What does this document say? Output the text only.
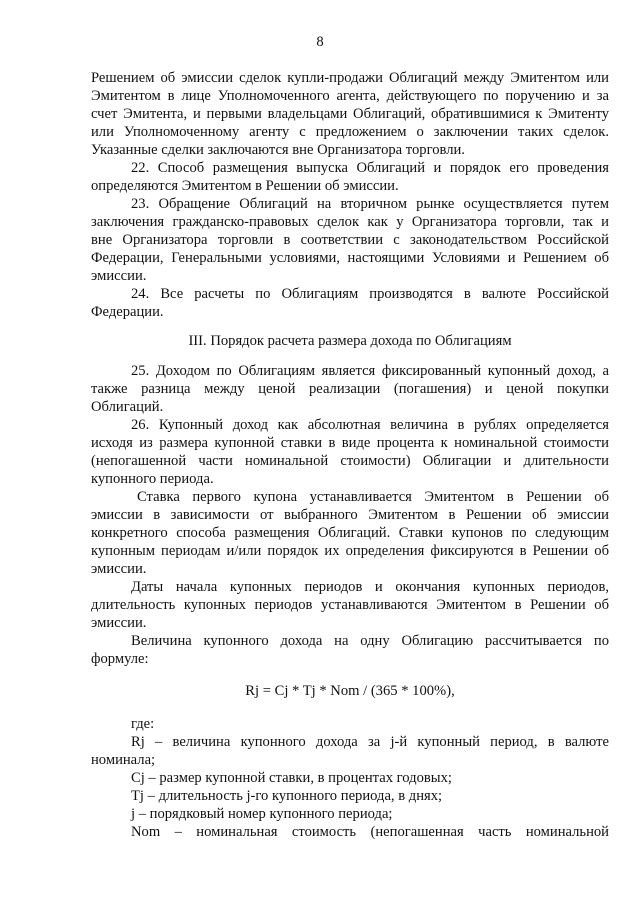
8
Решением об эмиссии сделок купли-продажи Облигаций между Эмитентом или
Эмитентом в лице Уполномоченного агента, действующего по поручению и за
счет Эмитента, и первыми владельцами Облигаций, обратившимися к Эмитенту
или Уполномоченному агенту с предложением о заключении таких сделок.
Указанные сделки заключаются вне Организатора торговли.
22. Способ размещения выпуска Облигаций и порядок его проведения
определяются Эмитентом в Решении об эмиссии.
23. Обращение Облигаций на вторичном рынке осуществляется путем
заключения гражданско-правовых сделок как у Организатора торговли, так и
вне Организатора торговли в соответствии с законодательством Российской
Федерации, Генеральными условиями, настоящими Условиями и Решением об
эмиссии.
24. Все расчеты по Облигациям производятся в валюте Российской
Федерации.
III. Порядок расчета размера дохода по Облигациям
25. Доходом по Облигациям является фиксированный купонный доход, а
также разница между ценой реализации (погашения) и ценой покупки
Облигаций.
26. Купонный доход как абсолютная величина в рублях определяется
исходя из размера купонной ставки в виде процента к номинальной стоимости
(непогашенной части номинальной стоимости) Облигации и длительности
купонного периода.
Ставка первого купона устанавливается Эмитентом в Решении об
эмиссии в зависимости от выбранного Эмитентом в Решении об эмиссии
конкретного способа размещения Облигаций. Ставки купонов по следующим
купонным периодам и/или порядок их определения фиксируются в Решении об
эмиссии.
Даты начала купонных периодов и окончания купонных периодов,
длительность купонных периодов устанавливаются Эмитентом в Решении об
эмиссии.
Величина купонного дохода на одну Облигацию рассчитывается по
формуле:
Rj = Cj * Tj * Nom / (365 * 100%),
где:
Rj – величина купонного дохода за j-й купонный период, в валюте
номинала;
Cj – размер купонной ставки, в процентах годовых;
Tj – длительность j-го купонного периода, в днях;
j – порядковый номер купонного периода;
Nom – номинальная стоимость (непогашенная часть номинальной
